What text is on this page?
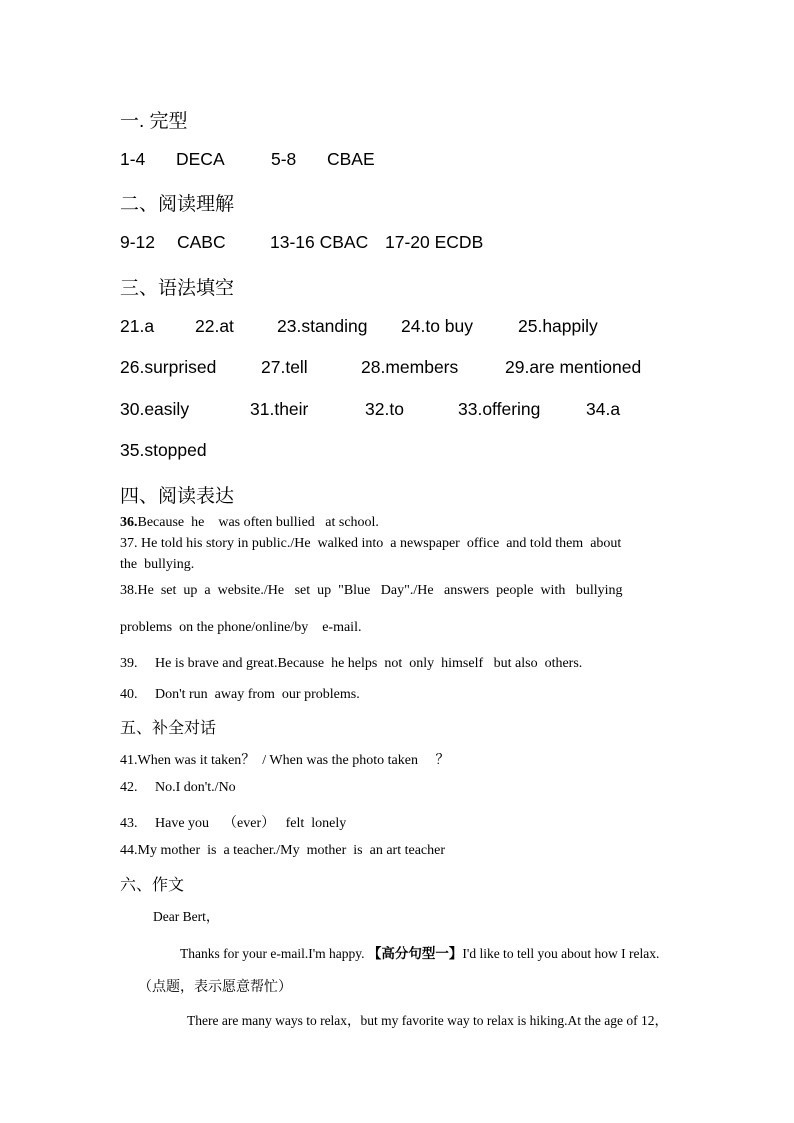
一. 完型
1-4 DECA	5-8 CBAE
二、阅读理解
9-12 CABC	13-16 CBAC 17-20 ECDB
三、语法填空
21.a 22.at 23.standing 24.to buy	25.happily
26.surprised	27.tell	28.members	29.are mentioned
30.easily	31.their	32.to	33.offering	34.a
35.stopped
四、阅读表达
36.Because  he    was often bullied   at school.
37. He told his story in public./He  walked into  a newspaper  office  and told them  about
the  bullying.
38.He  set  up  a  website./He   set  up  "Blue   Day"./He   answers  people  with   bullying
problems  on the phone/online/by    e-mail.
39.     He is brave and great.Because  he helps  not  only  himself   but also  others.
40.     Don't run  away from  our problems.
五、补全对话
41.When was it taken？  / When was the photo taken     ？
42.     No.I don't./No
43.     Have you    （ever）   felt  lonely
44.My mother  is  a teacher./My  mother  is  an art teacher
六、作文
Dear Bert，
Thanks for your e-mail.I'm happy. 【高分句型一】I'd like to tell you about how I relax.
（点题，表示愿意帮忙）
There are many ways to relax，but my favorite way to relax is hiking.At the age of 12，
